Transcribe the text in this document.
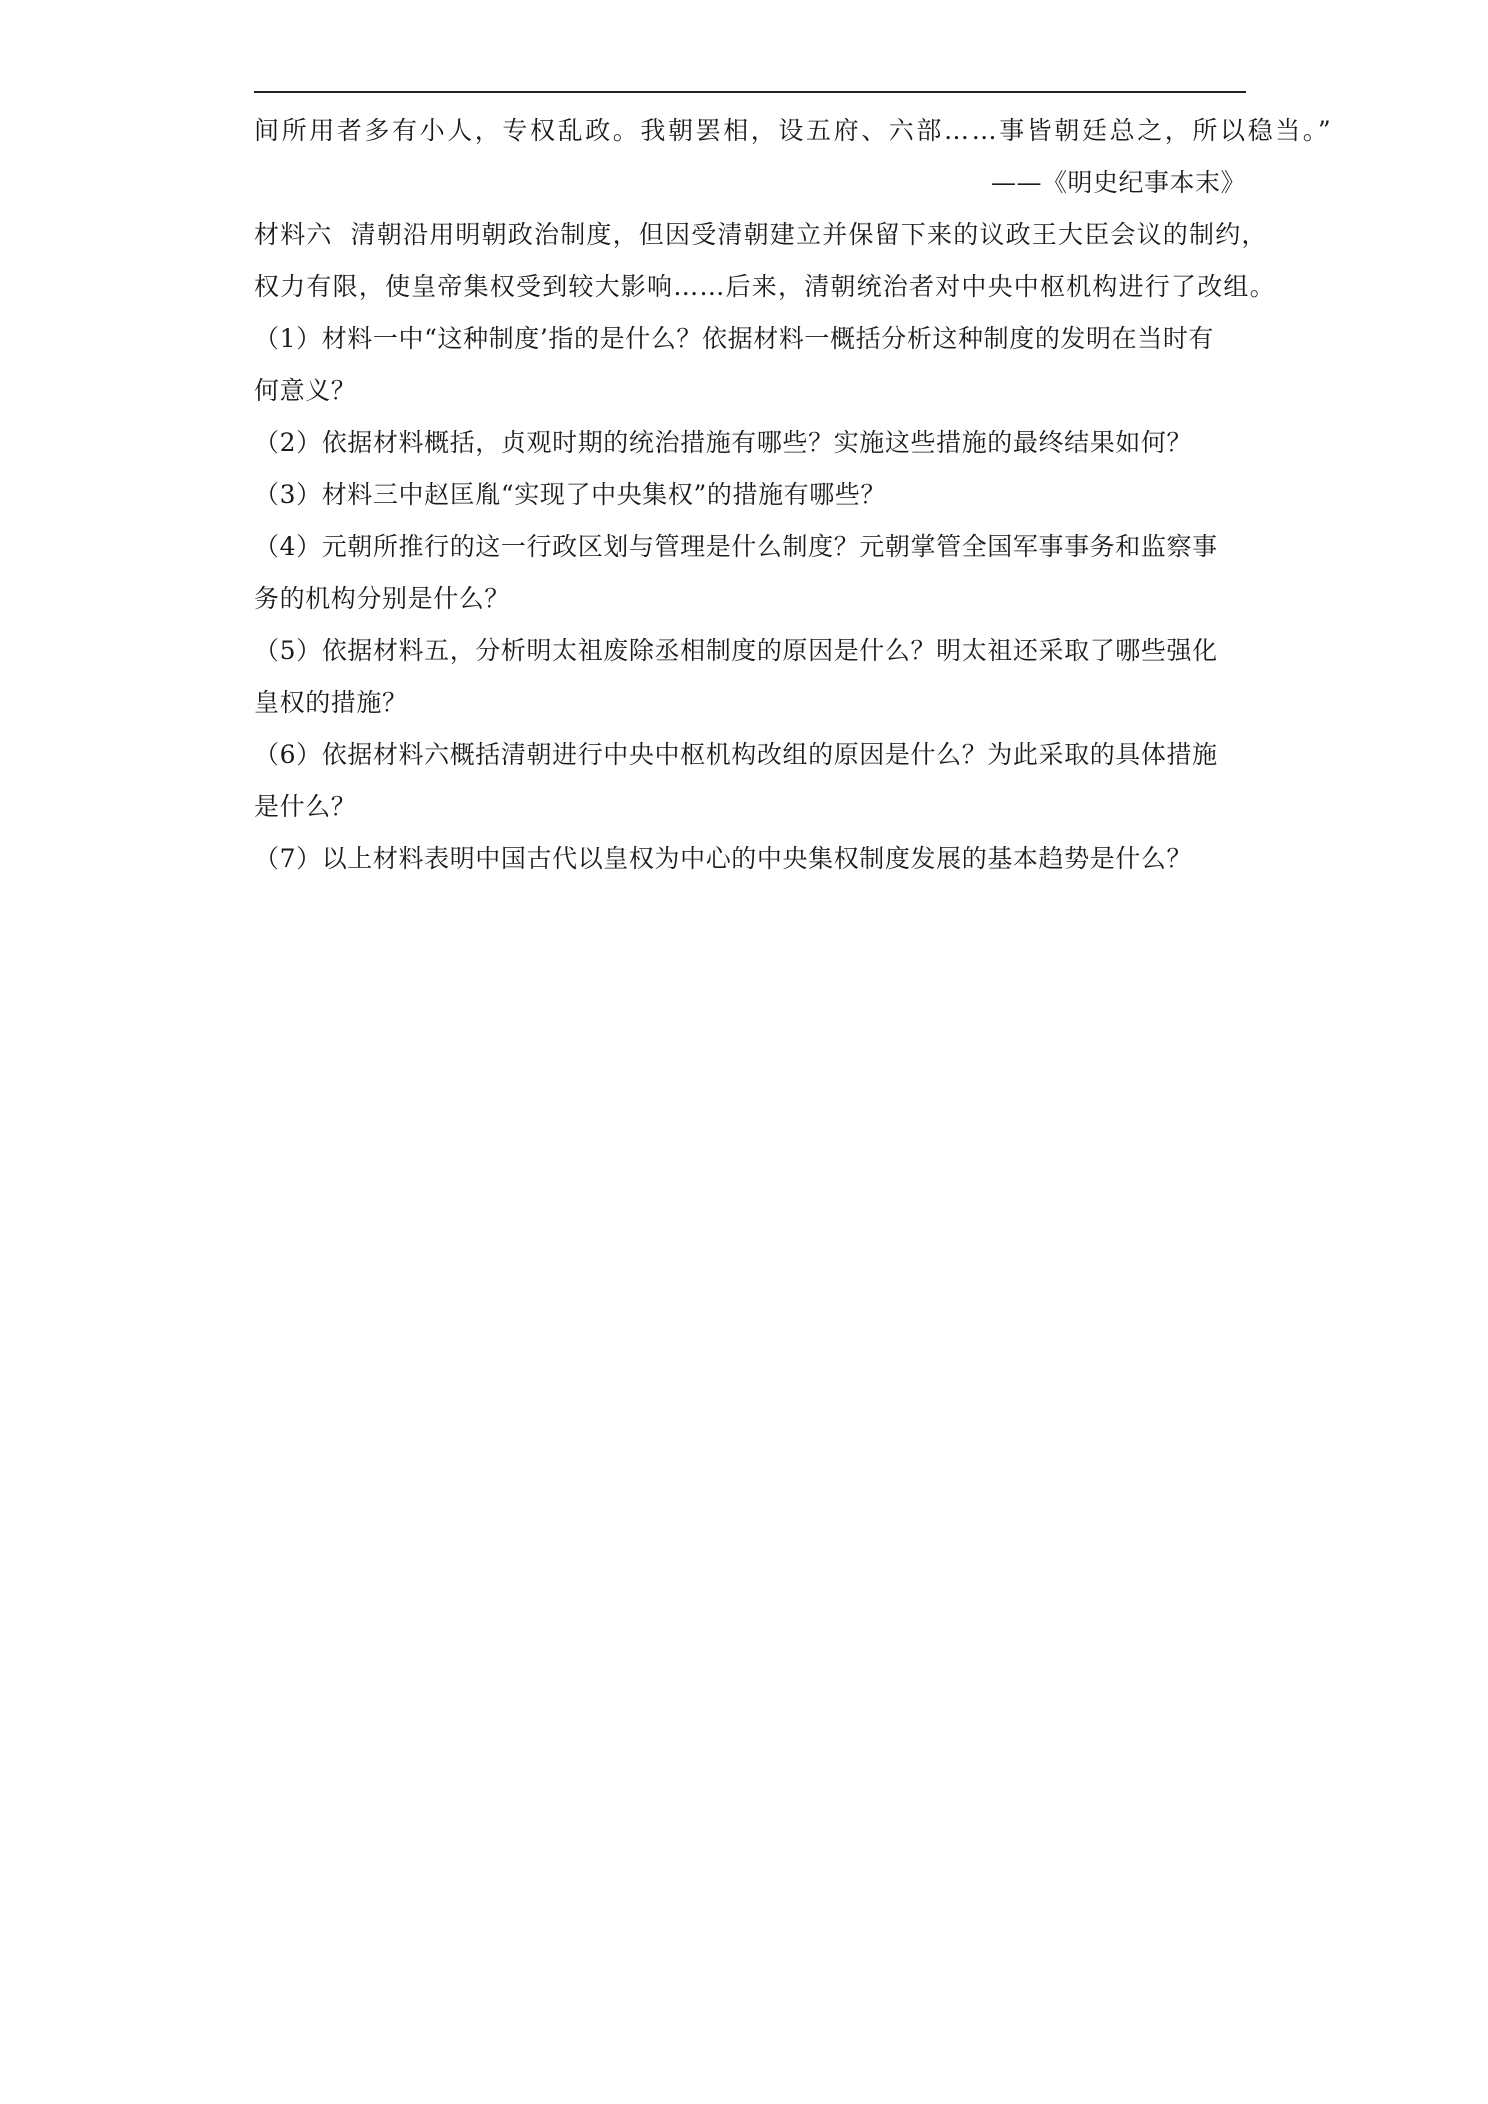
间所用者多有小人，专权乱政。我朝罢相，设五府、六部……事皆朝廷总之，所以稳当。”
——《明史纪事本末》
材料六 清朝沿用明朝政治制度，但因受清朝建立并保留下来的议政王大臣会议的制约，
权力有限，使皇帝集权受到较大影响……后来，清朝统治者对中央中枢机构进行了改组。
（1）材料一中“这种制度’指的是什么？依据材料一概括分析这种制度的发明在当时有
何意义？
（2）依据材料概括，贞观时期的统治措施有哪些？实施这些措施的最终结果如何？
（3）材料三中赵匡胤“实现了中央集权”的措施有哪些？
（4）元朝所推行的这一行政区划与管理是什么制度？元朝掌管全国军事事务和监察事
务的机构分别是什么？
（5）依据材料五，分析明太祖废除丞相制度的原因是什么？明太祖还采取了哪些强化
皇权的措施？
（6）依据材料六概括清朝进行中央中枢机构改组的原因是什么？为此采取的具体措施
是什么？
（7）以上材料表明中国古代以皇权为中心的中央集权制度发展的基本趋势是什么？
